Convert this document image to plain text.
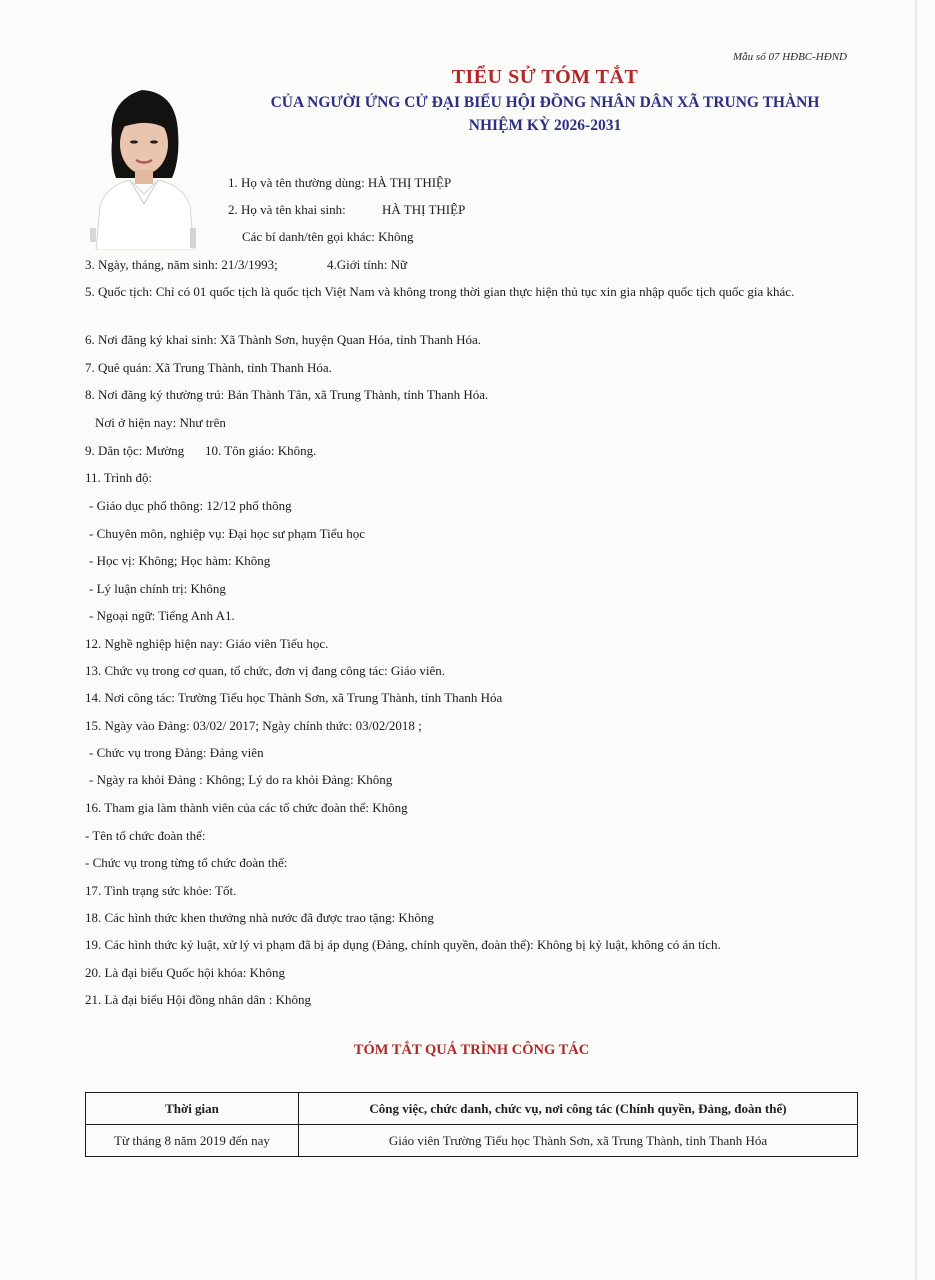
Mẫu số 07 HĐBC-HĐND
TIỂU SỬ TÓM TẮT
CỦA NGƯỜI ỨNG CỬ ĐẠI BIỂU HỘI ĐỒNG NHÂN DÂN XÃ TRUNG THÀNH
NHIỆM KỲ 2026-2031
1. Họ và tên thường dùng: HÀ THỊ THIỆP
2. Họ và tên khai sinh:	HÀ THỊ THIỆP
Các bí danh/tên gọi khác: Không
3. Ngày, tháng, năm sinh: 21/3/1993;	4.Giới tính: Nữ
5. Quốc tịch: Chỉ có 01 quốc tịch là quốc tịch Việt Nam và không trong thời gian thực hiện thủ tục xin gia nhập quốc tịch quốc gia khác.
6. Nơi đăng ký khai sinh: Xã Thành Sơn, huyện Quan Hóa, tỉnh Thanh Hóa.
7. Quê quán: Xã Trung Thành, tỉnh Thanh Hóa.
8. Nơi đăng ký thường trú: Bản Thành Tân, xã Trung Thành, tỉnh Thanh Hóa.
Nơi ở hiện nay: Như trên
9. Dân tộc: Mường 10. Tôn giáo: Không.
11. Trình độ:
- Giáo dục phổ thông: 12/12 phổ thông
- Chuyên môn, nghiệp vụ: Đại học sư phạm Tiểu học
- Học vị: Không; Học hàm: Không
- Lý luận chính trị: Không
- Ngoại ngữ: Tiếng Anh A1.
12. Nghề nghiệp hiện nay: Giáo viên Tiểu học.
13. Chức vụ trong cơ quan, tổ chức, đơn vị đang công tác: Giáo viên.
14. Nơi công tác: Trường Tiểu học Thành Sơn, xã Trung Thành, tỉnh Thanh Hóa
15. Ngày vào Đảng: 03/02/ 2017; Ngày chính thức: 03/02/2018 ;
- Chức vụ trong Đảng: Đảng viên
- Ngày ra khỏi Đảng : Không; Lý do ra khỏi Đảng: Không
16. Tham gia làm thành viên của các tổ chức đoàn thể: Không
- Tên tổ chức đoàn thể:
- Chức vụ trong từng tổ chức đoàn thể:
17. Tình trạng sức khỏe: Tốt.
18. Các hình thức khen thưởng nhà nước đã được trao tặng: Không
19. Các hình thức kỷ luật, xử lý vi phạm đã bị áp dụng (Đảng, chính quyền, đoàn thể): Không bị kỷ luật, không có án tích.
20. Là đại biểu Quốc hội khóa: Không
21. Là đại biểu Hội đồng nhân dân : Không
TÓM TẮT QUÁ TRÌNH CÔNG TÁC
Thời gian	Công việc, chức danh, chức vụ, nơi công tác (Chính quyền, Đảng, đoàn thể)
Từ tháng 8 năm 2019 đến nay	Giáo viên Trường Tiểu học Thành Sơn, xã Trung Thành, tỉnh Thanh Hóa
